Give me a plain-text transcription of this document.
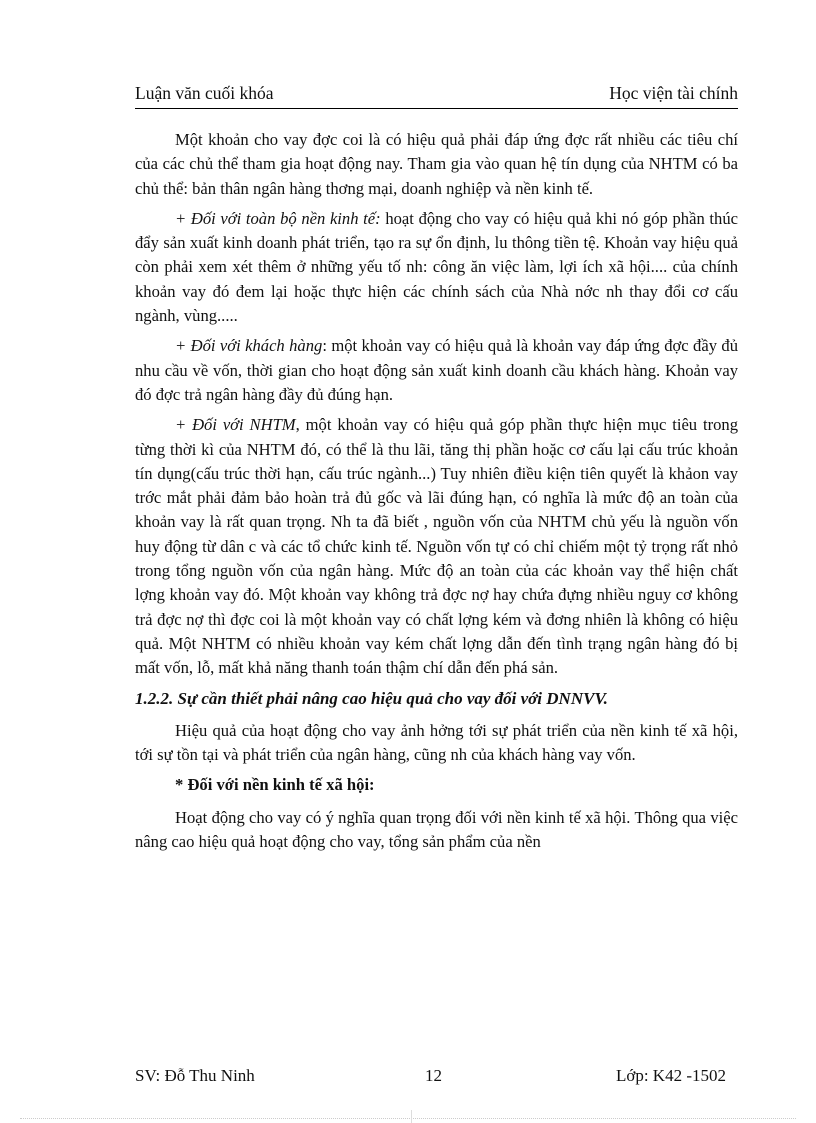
Luận văn cuối khóa	Học viện tài chính

Một khoản cho vay đợc coi là có hiệu quả phải đáp ứng đợc rất nhiều các tiêu chí của các chủ thể tham gia hoạt động nay. Tham gia vào quan hệ tín dụng của NHTM có ba chủ thể: bản thân ngân hàng thơng mại, doanh nghiệp và nền kinh tế.

+ Đối với toàn bộ nền kinh tế: hoạt động cho vay có hiệu quả khi nó góp phần thúc đẩy sản xuất kinh doanh phát triển, tạo ra sự ổn định, lu thông tiền tệ. Khoản vay hiệu quả còn phải xem xét thêm ở những yếu tố nh: công ăn việc làm, lợi ích xã hội.... của chính khoản vay đó đem lại hoặc thực hiện các chính sách của Nhà nớc nh thay đổi cơ cấu ngành, vùng.....

+ Đối với khách hàng: một khoản vay có hiệu quả là khoản vay đáp ứng đợc đầy đủ nhu cầu về vốn, thời gian cho hoạt động sản xuất kinh doanh cầu khách hàng. Khoản vay đó đợc trả ngân hàng đầy đủ đúng hạn.

+ Đối với NHTM, một khoản vay có hiệu quả góp phần thực hiện mục tiêu trong từng thời kì của NHTM đó, có thể là thu lãi, tăng thị phần hoặc cơ cấu lại cấu trúc khoản tín dụng(cấu trúc thời hạn, cấu trúc ngành...) Tuy nhiên điều kiện tiên quyết là khảon vay trớc mắt phải đảm bảo hoàn trả đủ gốc và lãi đúng hạn, có nghĩa là mức độ an toàn của khoản vay là rất quan trọng. Nh ta đã biết , nguồn vốn của NHTM chủ yếu là nguồn vốn huy động từ dân c và các tổ chức kinh tế. Nguồn vốn tự có chỉ chiếm một tỷ trọng rất nhỏ trong tổng nguồn vốn của ngân hàng. Mức độ an toàn của các khoản vay thể hiện chất lợng khoản vay đó. Một khoản vay không trả đợc nợ hay chứa đựng nhiều nguy cơ không trả đợc nợ thì đợc coi là một khoản vay có chất lợng kém và đơng nhiên là không có hiệu quả. Một NHTM có nhiều khoản vay kém chất lợng dẫn đến tình trạng ngân hàng đó bị mất vốn, lỗ, mất khả năng thanh toán thậm chí dẫn đến phá sản.

1.2.2. Sự cần thiết phải nâng cao hiệu quả cho vay đối với DNNVV.

Hiệu quả của hoạt động cho vay ảnh hởng tới sự phát triển của nền kinh tế xã hội, tới sự tồn tại và phát triển của ngân hàng, cũng nh của khách hàng vay vốn.

* Đối với nền kinh tế xã hội:

Hoạt động cho vay có ý nghĩa quan trọng đối với nền kinh tế xã hội. Thông qua việc nâng cao hiệu quả hoạt động cho vay, tổng sản phẩm của nền

SV: Đỗ Thu Ninh	12	Lớp: K42 -1502
